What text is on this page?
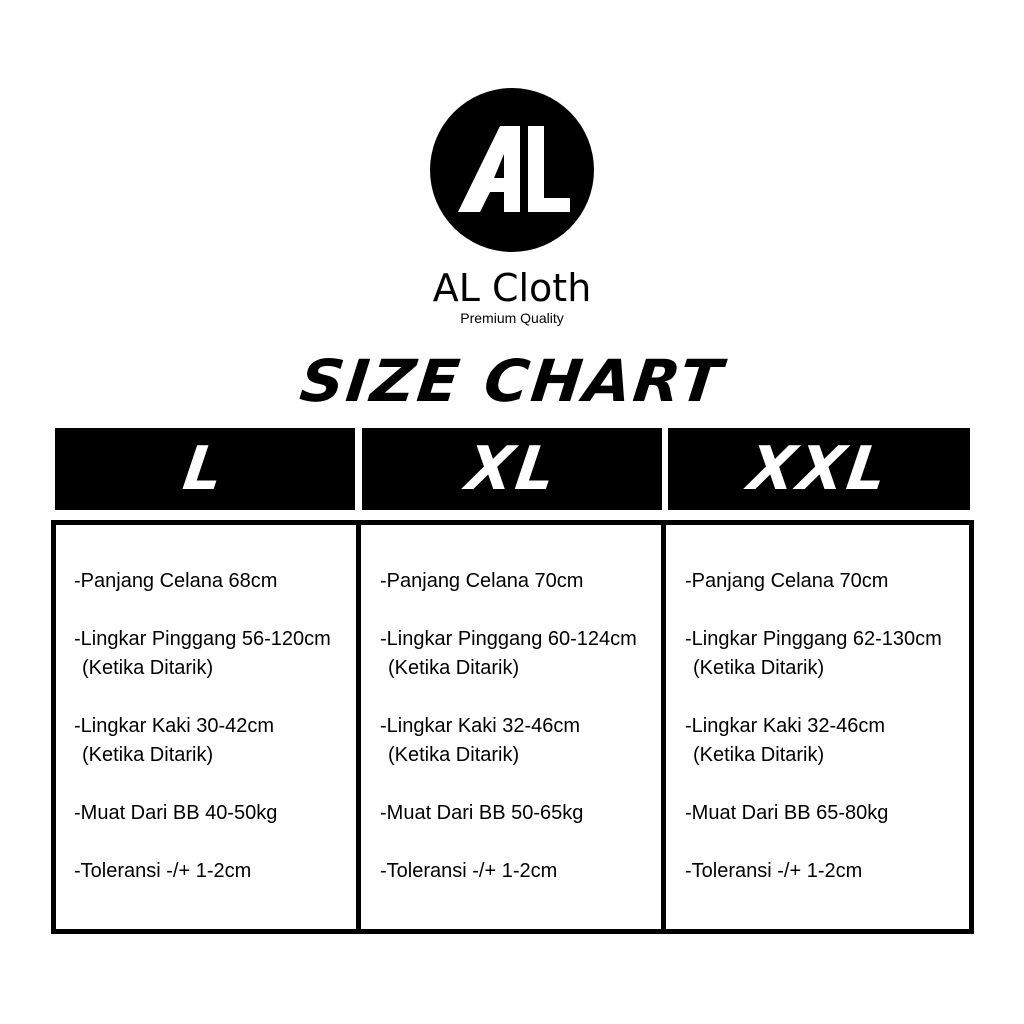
AL Cloth
Premium Quality
SIZE CHART
L	XL	XXL
-Panjang Celana 68cm
-Lingkar Pinggang 56-120cm
(Ketika Ditarik)
-Lingkar Kaki 30-42cm
(Ketika Ditarik)
-Muat Dari BB 40-50kg
-Toleransi -/+ 1-2cm
-Panjang Celana 70cm
-Lingkar Pinggang 60-124cm
(Ketika Ditarik)
-Lingkar Kaki 32-46cm
(Ketika Ditarik)
-Muat Dari BB 50-65kg
-Toleransi -/+ 1-2cm
-Panjang Celana 70cm
-Lingkar Pinggang 62-130cm
(Ketika Ditarik)
-Lingkar Kaki 32-46cm
(Ketika Ditarik)
-Muat Dari BB 65-80kg
-Toleransi -/+ 1-2cm
